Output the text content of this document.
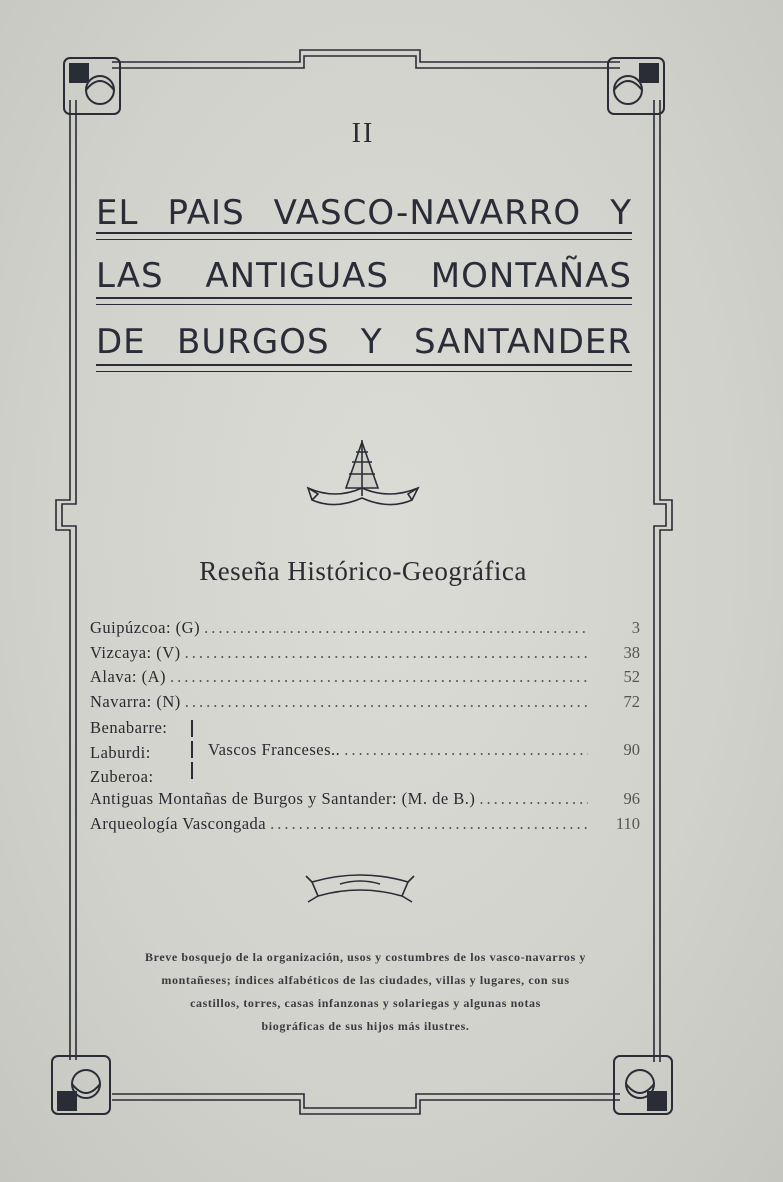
II
EL PAIS VASCO-NAVARRO Y
LAS ANTIGUAS MONTAÑAS
DE BURGOS Y SANTANDER
Reseña Histórico-Geográfica
Guipúzcoa: (G) .....	3
Vizcaya: (V) .....	38
Alava: (A) .....	52
Navarra: (N) .....	72
Benabarre:
Laburdi:
Zuberoa:
Vascos Franceses.. .....	90
Antiguas Montañas de Burgos y Santander: (M. de B.) .....	96
Arqueología Vascongada .....	110
Breve bosquejo de la organización, usos y costumbres de los vasco-navarros y
montañeses; índices alfabéticos de las ciudades, villas y lugares, con sus
castillos, torres, casas infanzonas y solariegas y algunas notas
biográficas de sus hijos más ilustres.
